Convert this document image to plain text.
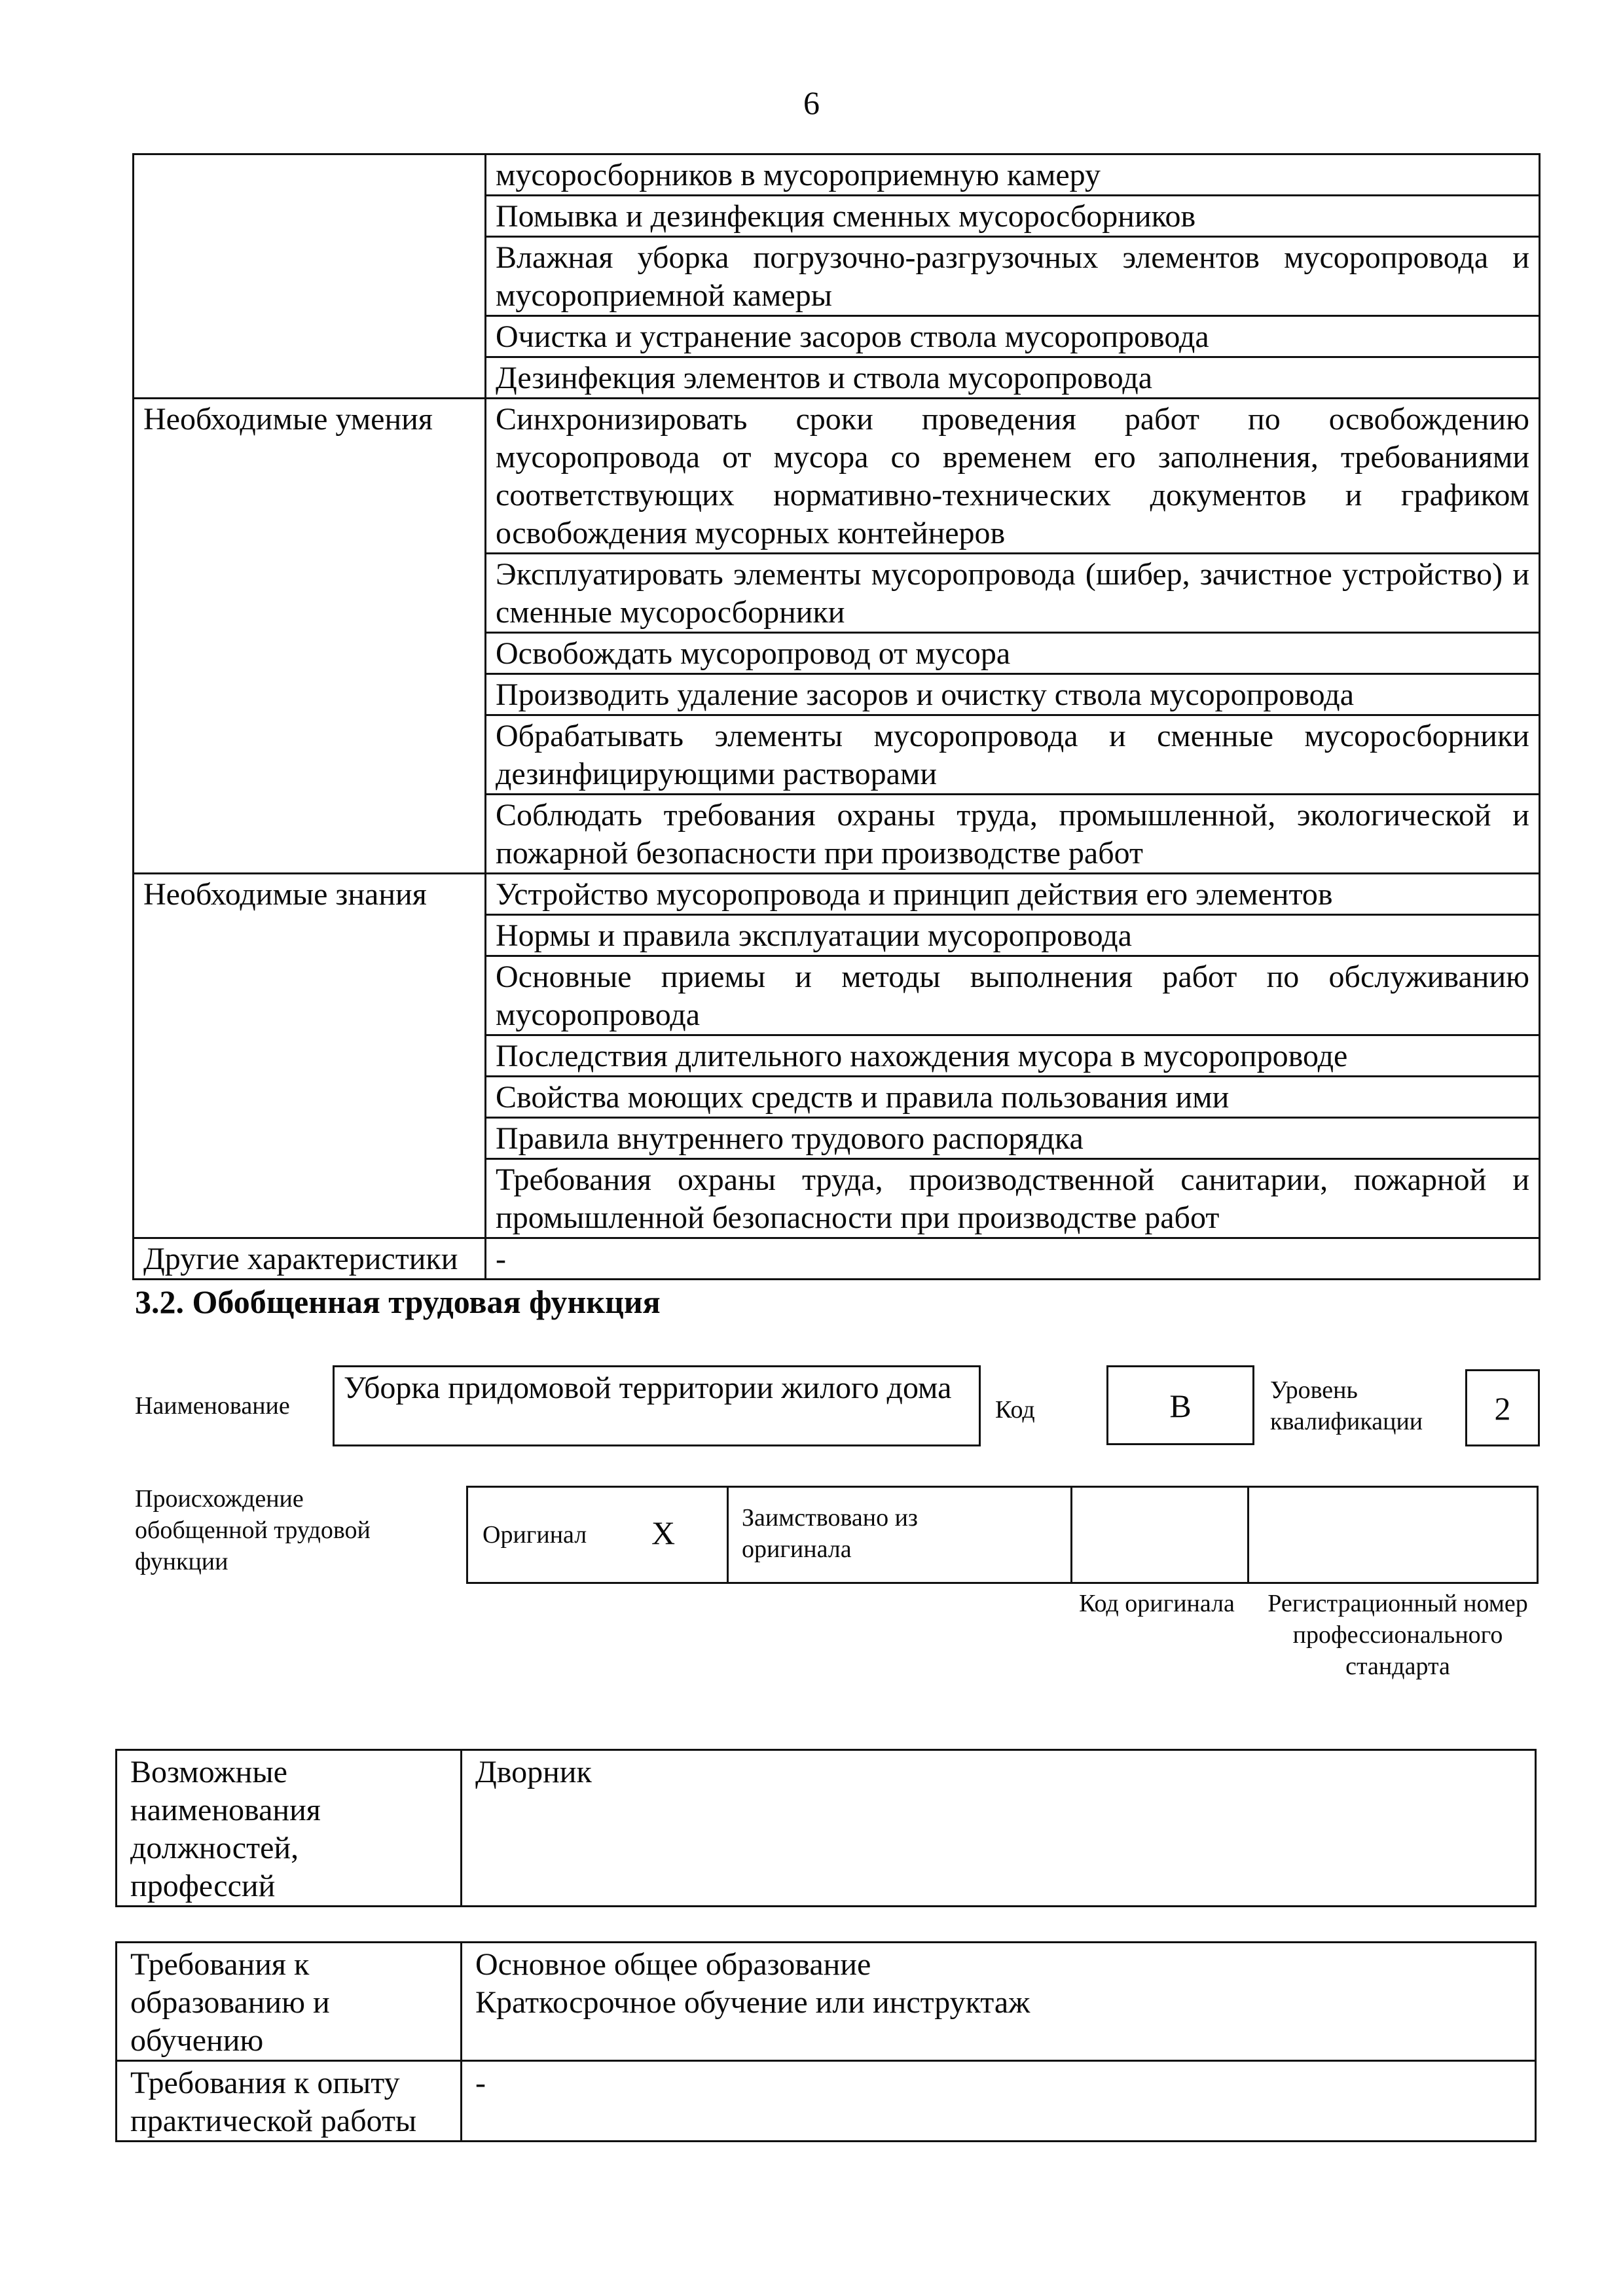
6
	мусоросборников в мусороприемную камеру
	Помывка и дезинфекция сменных мусоросборников
	Влажная уборка погрузочно-разгрузочных элементов мусоропровода и мусороприемной камеры
	Очистка и устранение засоров ствола мусоропровода
	Дезинфекция элементов и ствола мусоропровода
Необходимые умения	Синхронизировать сроки проведения работ по освобождению мусоропровода от мусора со временем его заполнения, требованиями соответствующих нормативно-технических документов и графиком освобождения мусорных контейнеров
	Эксплуатировать элементы мусоропровода (шибер, зачистное устройство) и сменные мусоросборники
	Освобождать мусоропровод от мусора
	Производить удаление засоров и очистку ствола мусоропровода
	Обрабатывать элементы мусоропровода и сменные мусоросборники дезинфицирующими растворами
	Соблюдать требования охраны труда, промышленной, экологической и пожарной безопасности при производстве работ
Необходимые знания	Устройство мусоропровода и принцип действия его элементов
	Нормы и правила эксплуатации мусоропровода
	Основные приемы и методы выполнения работ по обслуживанию мусоропровода
	Последствия длительного нахождения мусора в мусоропроводе
	Свойства моющих средств и правила пользования ими
	Правила внутреннего трудового распорядка
	Требования охраны труда, производственной санитарии, пожарной и промышленной безопасности при производстве работ
Другие характеристики	-
3.2. Обобщенная трудовая функция
Наименование
Уборка придомовой территории жилого дома
Код	В	Уровень квалификации	2
Происхождение обобщенной трудовой функции
Оригинал Х	Заимствовано из оригинала
Код оригинала	Регистрационный номер профессионального стандарта
Возможные наименования должностей, профессий	Дворник
Требования к образованию и обучению	Основное общее образование
Краткосрочное обучение или инструктаж

Требования к опыту практической работы	-
